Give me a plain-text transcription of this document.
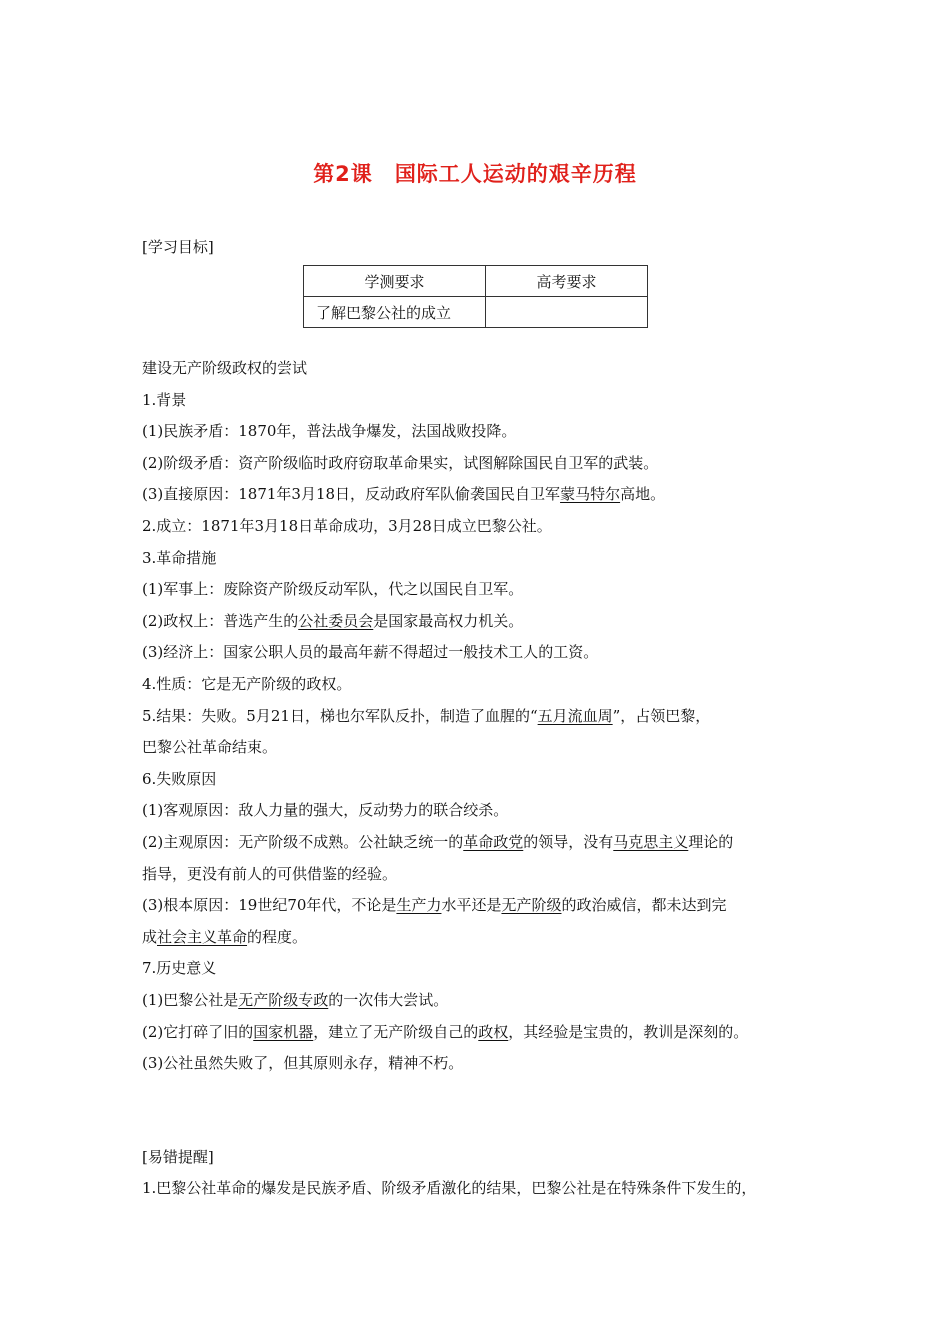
第2课 国际工人运动的艰辛历程
[学习目标]
学测要求	高考要求
了解巴黎公社的成立	
建设无产阶级政权的尝试
1.背景
(1)民族矛盾：1870年，普法战争爆发，法国战败投降。
(2)阶级矛盾：资产阶级临时政府窃取革命果实，试图解除国民自卫军的武装。
(3)直接原因：1871年3月18日，反动政府军队偷袭国民自卫军蒙马特尔高地。
2.成立：1871年3月18日革命成功，3月28日成立巴黎公社。
3.革命措施
(1)军事上：废除资产阶级反动军队，代之以国民自卫军。
(2)政权上：普选产生的公社委员会是国家最高权力机关。
(3)经济上：国家公职人员的最高年薪不得超过一般技术工人的工资。
4.性质：它是无产阶级的政权。
5.结果：失败。5月21日，梯也尔军队反扑，制造了血腥的“五月流血周”，占领巴黎，
巴黎公社革命结束。
6.失败原因
(1)客观原因：敌人力量的强大，反动势力的联合绞杀。
(2)主观原因：无产阶级不成熟。公社缺乏统一的革命政党的领导，没有马克思主义理论的
指导，更没有前人的可供借鉴的经验。
(3)根本原因：19世纪70年代，不论是生产力水平还是无产阶级的政治威信，都未达到完
成社会主义革命的程度。
7.历史意义
(1)巴黎公社是无产阶级专政的一次伟大尝试。
(2)它打碎了旧的国家机器，建立了无产阶级自己的政权，其经验是宝贵的，教训是深刻的。
(3)公社虽然失败了，但其原则永存，精神不朽。
[易错提醒]
1.巴黎公社革命的爆发是民族矛盾、阶级矛盾激化的结果，巴黎公社是在特殊条件下发生的，
